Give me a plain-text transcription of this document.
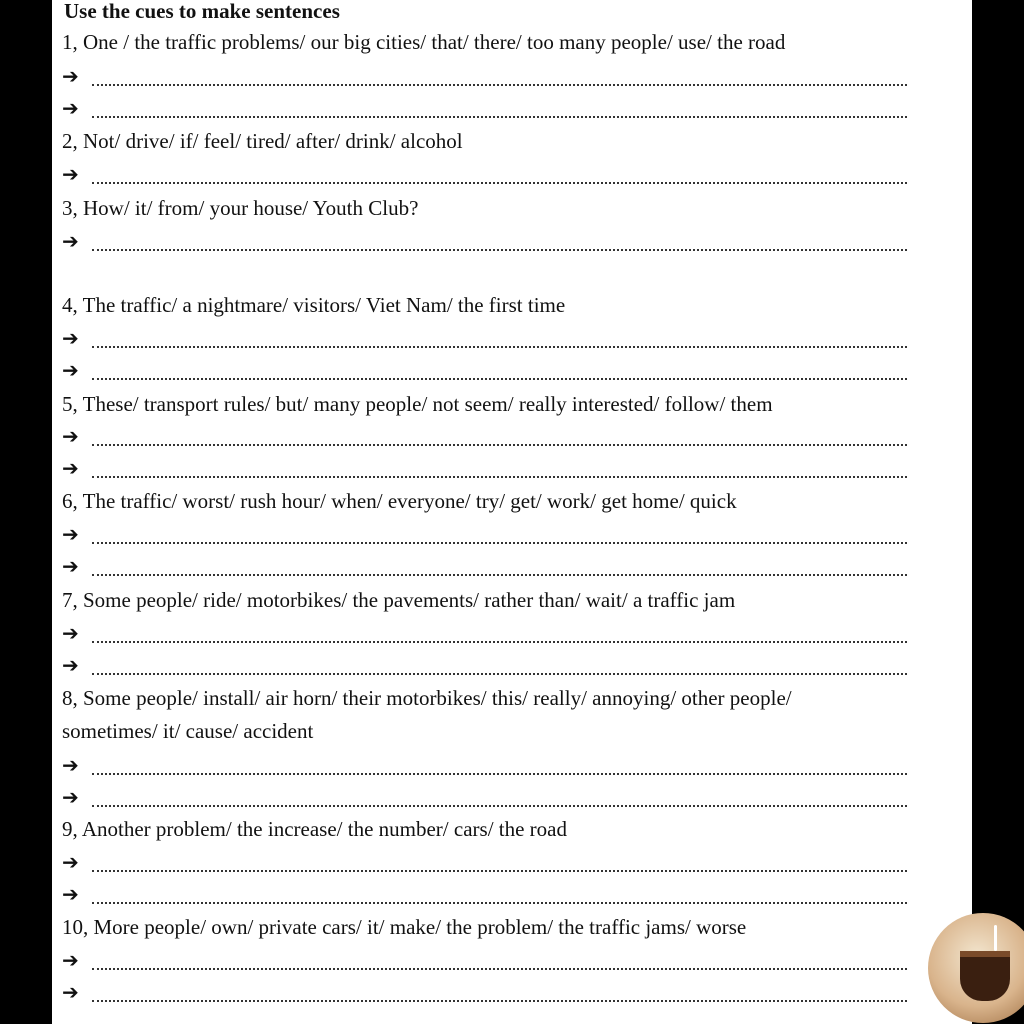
Use the cues to make sentences
1, One / the traffic problems/ our big cities/ that/ there/ too many people/ use/ the road
➔
➔
2, Not/ drive/ if/ feel/ tired/ after/ drink/ alcohol
➔
3, How/ it/ from/ your house/ Youth Club?
➔
4, The traffic/ a nightmare/ visitors/ Viet Nam/ the first time
➔
➔
5, These/ transport rules/ but/ many people/ not seem/ really interested/ follow/ them
➔
➔
6, The traffic/ worst/ rush hour/ when/ everyone/ try/ get/ work/ get home/ quick
➔
➔
7, Some people/ ride/ motorbikes/ the pavements/ rather than/ wait/ a traffic jam
➔
➔
8, Some people/ install/ air horn/ their motorbikes/ this/ really/ annoying/ other people/
sometimes/ it/ cause/ accident
➔
➔
9, Another problem/ the increase/ the number/ cars/ the road
➔
➔
10, More people/ own/ private cars/ it/ make/ the problem/ the traffic jams/ worse
➔
➔
